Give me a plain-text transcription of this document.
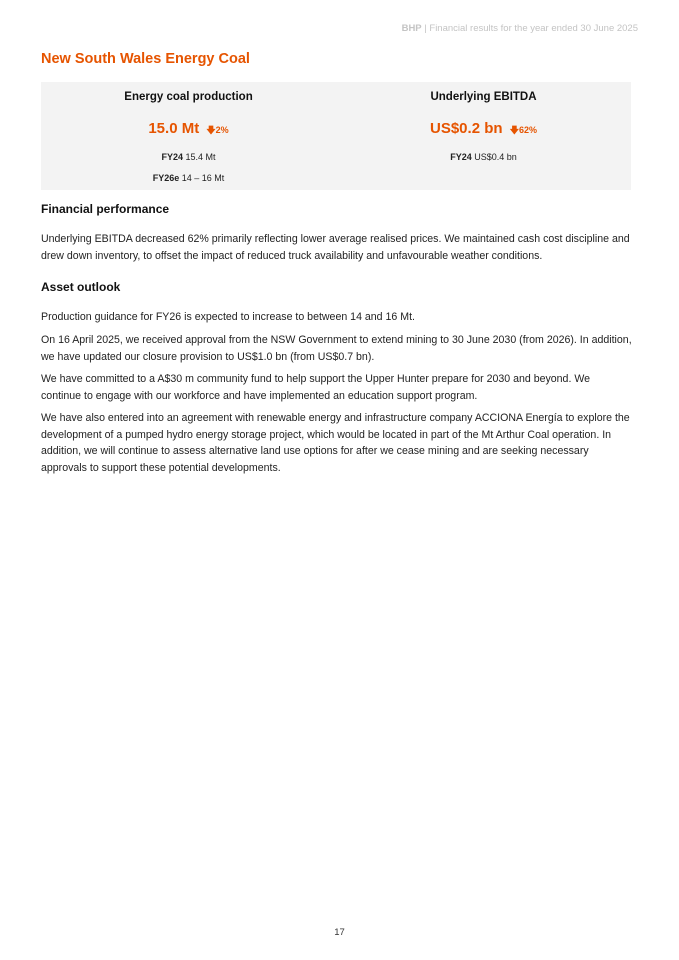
BHP | Financial results for the year ended 30 June 2025
New South Wales Energy Coal
Energy coal production
15.0 Mt 🡇2%
FY24 15.4 Mt
FY26e 14 – 16 Mt
Underlying EBITDA
US$0.2 bn 🡇62%
FY24 US$0.4 bn
Financial performance

Underlying EBITDA decreased 62% primarily reflecting lower average realised prices. We maintained cash cost discipline and drew down inventory, to offset the impact of reduced truck availability and unfavourable weather conditions.

Asset outlook

Production guidance for FY26 is expected to increase to between 14 and 16 Mt.

On 16 April 2025, we received approval from the NSW Government to extend mining to 30 June 2030 (from 2026). In addition, we have updated our closure provision to US$1.0 bn (from US$0.7 bn).

We have committed to a A$30 m community fund to help support the Upper Hunter prepare for 2030 and beyond. We continue to engage with our workforce and have implemented an education support program.

We have also entered into an agreement with renewable energy and infrastructure company ACCIONA Energía to explore the development of a pumped hydro energy storage project, which would be located in part of the Mt Arthur Coal operation. In addition, we will continue to assess alternative land use options for after we cease mining and are seeking necessary approvals to support these potential developments.

17
